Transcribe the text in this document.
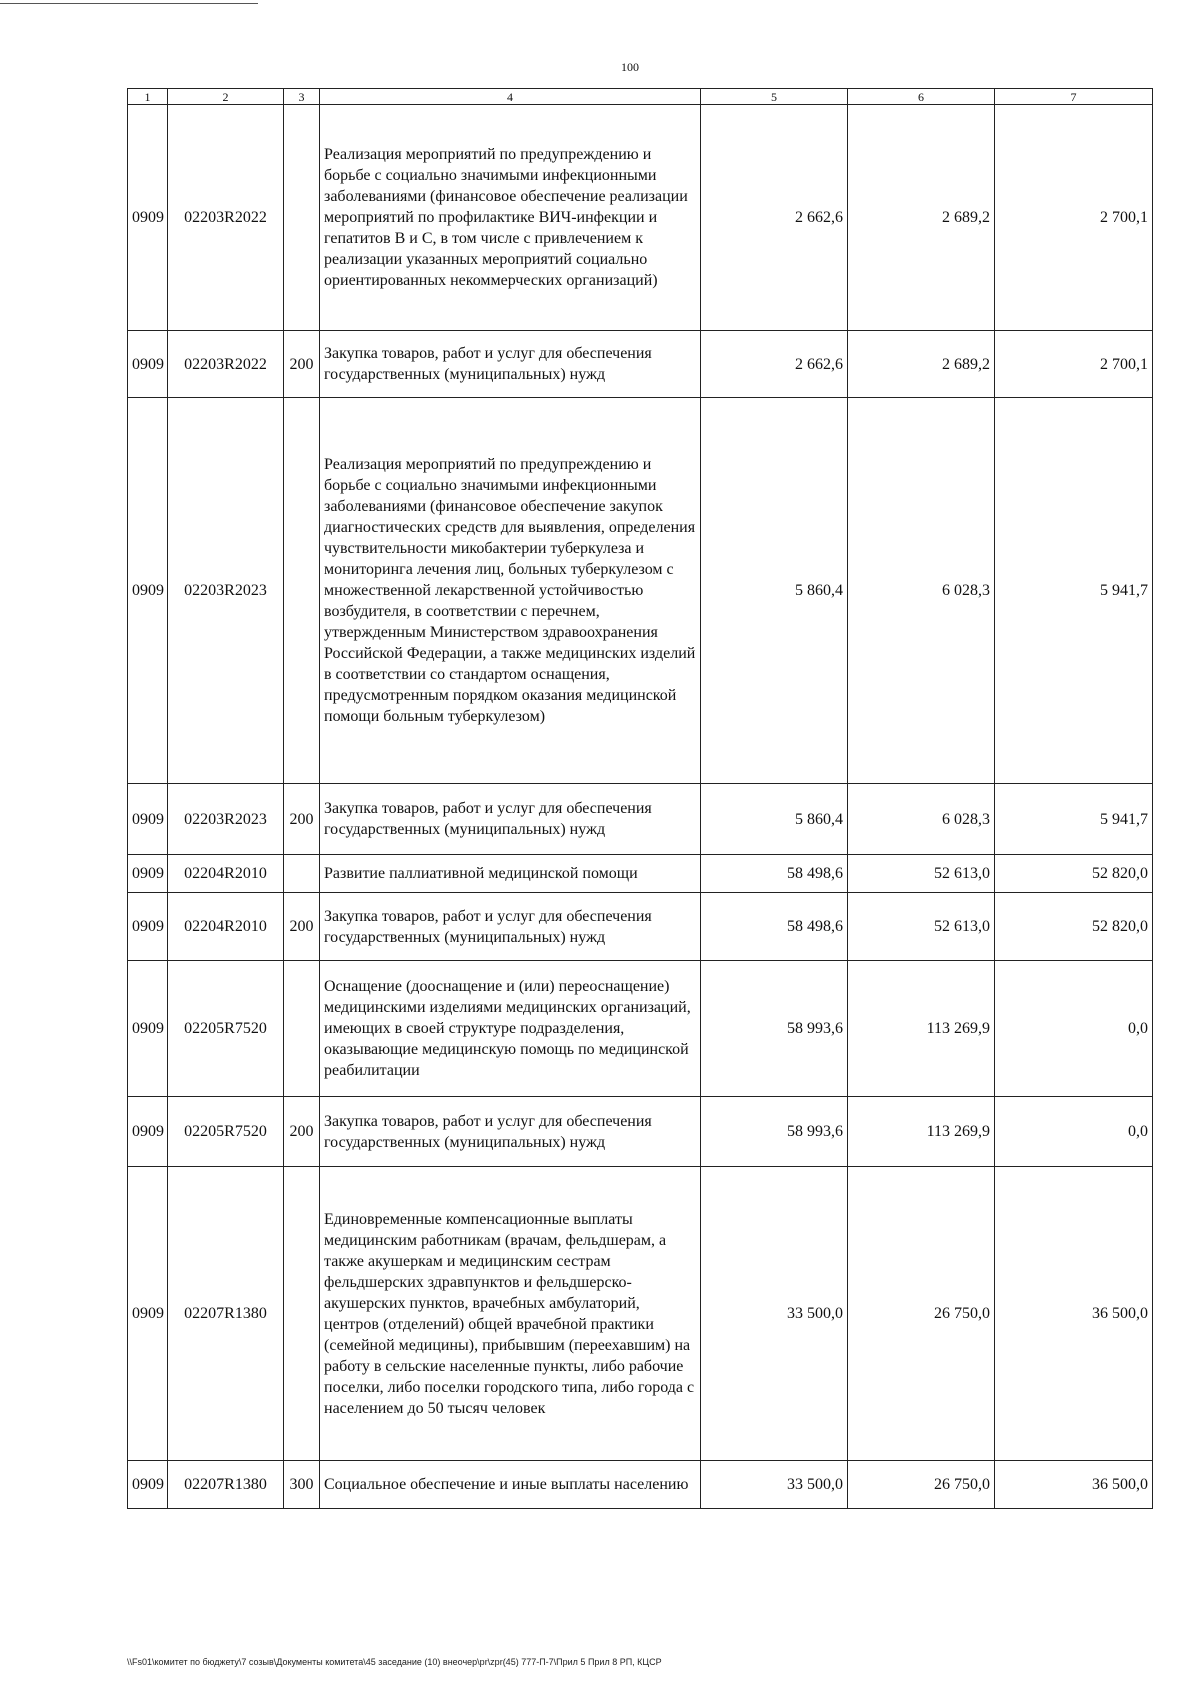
100
1	2	3	4	5	6	7
0909	02203R2022		Реализация мероприятий по предупреждению и борьбе с социально значимыми инфекционными заболеваниями (финансовое обеспечение реализации мероприятий по профилактике ВИЧ-инфекции и гепатитов В и С, в том числе с привлечением к реализации указанных мероприятий социально ориентированных некоммерческих организаций)	2 662,6	2 689,2	2 700,1
0909	02203R2022	200	Закупка товаров, работ и услуг для обеспечения государственных (муниципальных) нужд	2 662,6	2 689,2	2 700,1
0909	02203R2023		Реализация мероприятий по предупреждению и борьбе с социально значимыми инфекционными заболеваниями (финансовое обеспечение закупок диагностических средств для выявления, определения чувствительности микобактерии туберкулеза и мониторинга лечения лиц, больных туберкулезом с множественной лекарственной устойчивостью возбудителя, в соответствии с перечнем, утвержденным Министерством здравоохранения Российской Федерации, а также медицинских изделий в соответствии со стандартом оснащения, предусмотренным порядком оказания медицинской помощи больным туберкулезом)	5 860,4	6 028,3	5 941,7
0909	02203R2023	200	Закупка товаров, работ и услуг для обеспечения государственных (муниципальных) нужд	5 860,4	6 028,3	5 941,7
0909	02204R2010		Развитие паллиативной медицинской помощи	58 498,6	52 613,0	52 820,0
0909	02204R2010	200	Закупка товаров, работ и услуг для обеспечения государственных (муниципальных) нужд	58 498,6	52 613,0	52 820,0
0909	02205R7520		Оснащение (дооснащение и (или) переоснащение) медицинскими изделиями медицинских организаций, имеющих в своей структуре подразделения, оказывающие медицинскую помощь по медицинской реабилитации	58 993,6	113 269,9	0,0
0909	02205R7520	200	Закупка товаров, работ и услуг для обеспечения государственных (муниципальных) нужд	58 993,6	113 269,9	0,0
0909	02207R1380		Единовременные компенсационные выплаты медицинским работникам (врачам, фельдшерам, а также акушеркам и медицинским сестрам фельдшерских здравпунктов и фельдшерско-акушерских пунктов, врачебных амбулаторий, центров (отделений) общей врачебной практики (семейной медицины), прибывшим (переехавшим) на работу в сельские населенные пункты, либо рабочие поселки, либо поселки городского типа, либо города с населением до 50 тысяч человек	33 500,0	26 750,0	36 500,0
0909	02207R1380	300	Социальное обеспечение и иные выплаты населению	33 500,0	26 750,0	36 500,0
\\Fs01\комитет по бюджету\7 созыв\Документы комитета\45 заседание (10) внеочер\pr\zpr(45) 777-П-7\Прил 5 Прил 8 РП, КЦСР
